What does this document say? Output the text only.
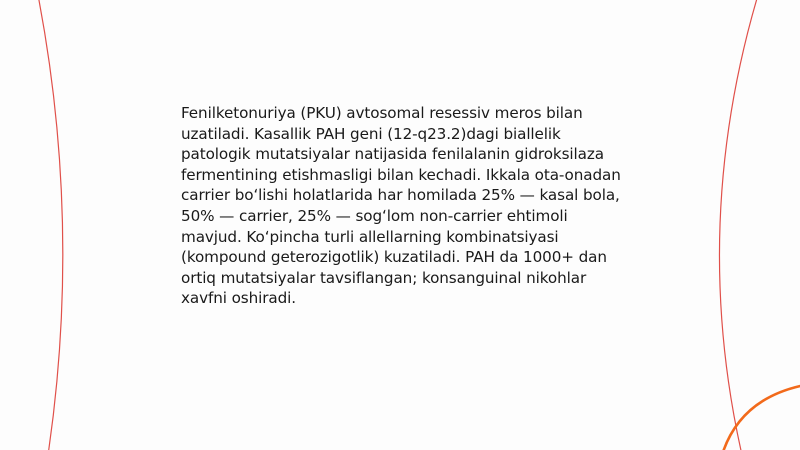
Fenilketonuriya (PKU) avtosomal resessiv meros bilan uzatiladi. Kasallik PAH geni (12-q23.2)dagi biallelik patologik mutatsiyalar natijasida fenilalanin gidroksilaza fermentining etishmasligi bilan kechadi. Ikkala ota-onadan carrier boʻlishi holatlarida har homilada 25% — kasal bola, 50% — carrier, 25% — sogʻlom non-carrier ehtimoli mavjud. Koʻpincha turli allellarning kombinatsiyasi (kompound geterozigotlik) kuzatiladi. PAH da 1000+ dan ortiq mutatsiyalar tavsiflangan; konsanguinal nikohlar xavfni oshiradi.
